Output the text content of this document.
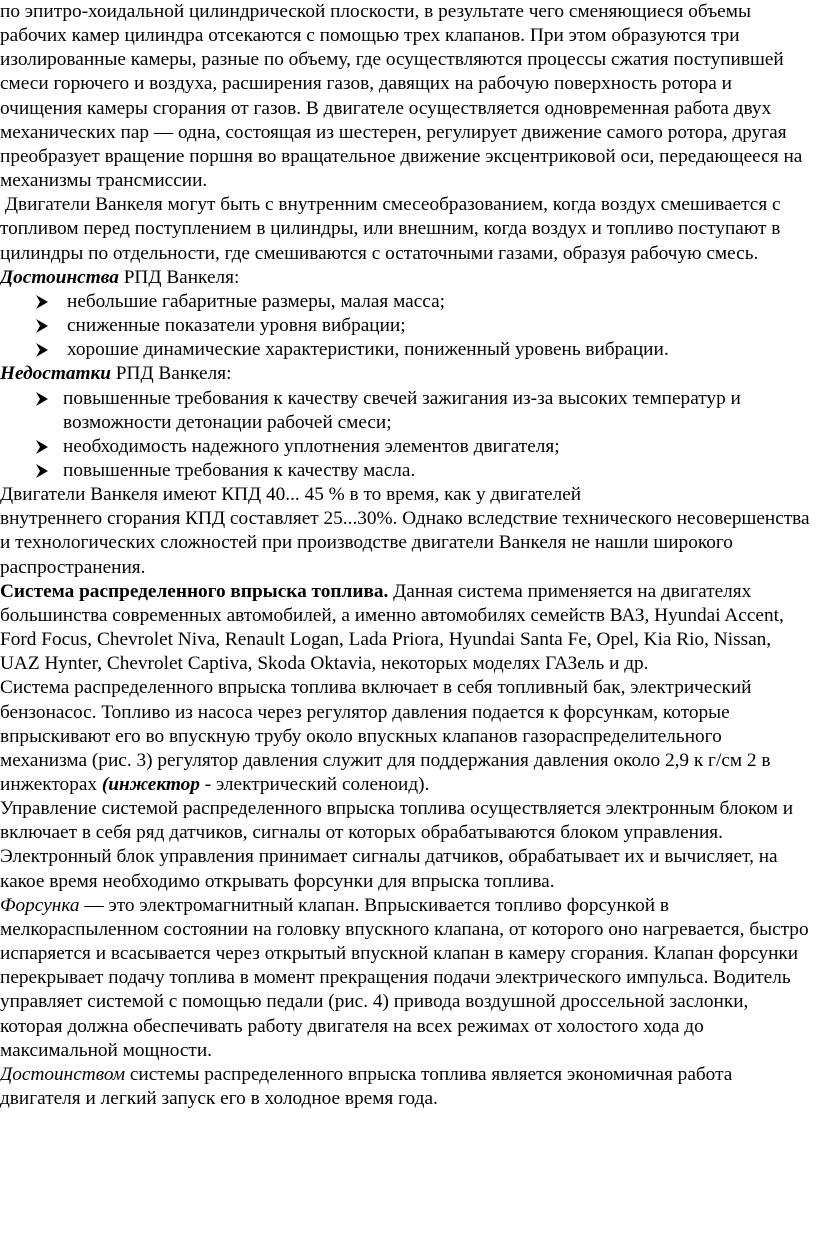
по эпитро-хоидальной цилиндрической плоскости, в результате чего сменяющиеся объемы рабочих камер цилиндра отсекаются с помощью трех клапанов. При этом образуются три изолированные камеры, разные по объему, где осуществляются процессы сжатия поступившей смеси горючего и воздуха, расширения газов, давящих на рабочую поверхность ротора и очищения камеры сгорания от газов. В двигателе осуществляется одновременная работа двух механических пар — одна, состоящая из шестерен, регулирует движение самого ротора, другая преобразует вращение поршня во вращательное движение эксцентриковой оси, передающееся на механизмы трансмиссии.

Двигатели Ванкеля могут быть с внутренним смесеобразованием, когда воздух смешивается с топливом перед поступлением в цилиндры, или внешним, когда воздух и топливо поступают в цилиндры по отдельности, где смешиваются с остаточными газами, образуя рабочую смесь.

Достоинства РПД Ванкеля:

небольшие габаритные размеры, малая масса;
сниженные показатели уровня вибрации;
хорошие динамические характеристики, пониженный уровень вибрации.

Недостатки РПД Ванкеля:

повышенные требования к качеству свечей зажигания из-за высоких температур и возможности детонации рабочей смеси;
необходимость надежного уплотнения элементов двигателя;
повышенные требования к качеству масла.

Двигатели Ванкеля имеют КПД 40... 45 % в то время, как у двигателей

внутреннего сгорания КПД составляет 25...30%. Однако вследствие технического несовершенства и технологических сложностей при производстве двигатели Ванкеля не нашли широкого распространения.

Система распределенного впрыска топлива. Данная система применяется на двигателях большинства современных автомобилей, а именно автомобилях семейств ВАЗ, Hyundai Accent, Ford Focus, Chevrolet Niva, Renault Logan, Lada Priora, Hyundai Santa Fe, Opel, Kia Rio, Nissan, UAZ Hynter, Chevrolet Captiva, Skoda Oktavia, некоторых моделях ГАЗель и др.

Система распределенного впрыска топлива включает в себя топливный бак, электрический бензонасос. Топливо из насоса через регулятор давления подается к форсункам, которые впрыскивают его во впускную трубу около впускных клапанов газораспределительного механизма (рис. 3) регулятор давления служит для поддержания давления около 2,9 к г/см 2 в инжекторах (инжектор - электрический соленоид).

Управление системой распределенного впрыска топлива осуществляется электронным блоком и включает в себя ряд датчиков, сигналы от которых обрабатываются блоком управления.

Электронный блок управления принимает сигналы датчиков, обрабатывает их и вычисляет, на какое время необходимо открывать форсунки для впрыска топлива.

Форсунка — это электромагнитный клапан. Впрыскивается топливо форсункой в мелкораспыленном состоянии на головку впускного клапана, от которого оно нагревается, быстро испаряется и всасывается через открытый впускной клапан в камеру сгорания. Клапан форсунки перекрывает подачу топлива в момент прекращения подачи электрического импульса. Водитель управляет системой с помощью педали (рис. 4) привода воздушной дроссельной заслонки, которая должна обеспечивать работу двигателя на всех режимах от холостого хода до максимальной мощности.

Достоинством системы распределенного впрыска топлива является экономичная работа двигателя и легкий запуск его в холодное время года.
